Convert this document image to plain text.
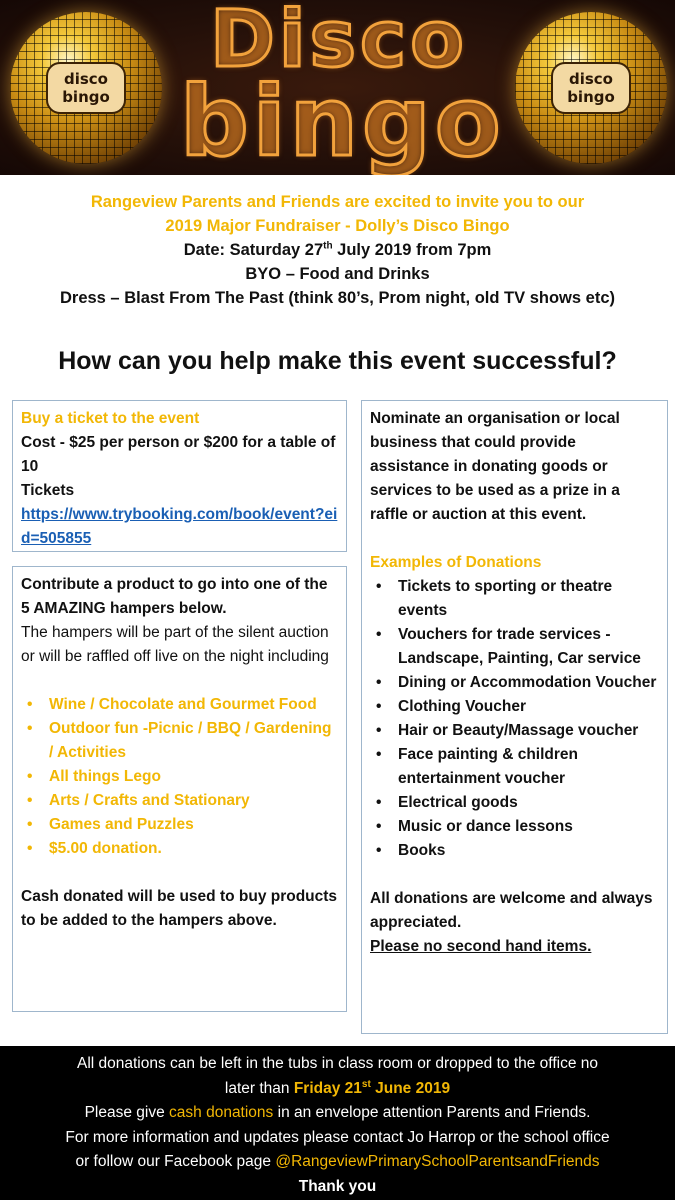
disco
bingo
Disco
bingo	disco
bingo
Rangeview Parents and Friends are excited to invite you to our
2019 Major Fundraiser - Dolly’s Disco Bingo
Date: Saturday 27th July 2019 from 7pm
BYO – Food and Drinks
Dress – Blast From The Past (think 80’s, Prom night, old TV shows etc)
How can you help make this event successful?
Buy a ticket to the event
Cost - $25 per person or $200 for a table of 10
Tickets
https://www.trybooking.com/book/event?eid=505855
Contribute a product to go into one of the 5 AMAZING hampers below.
The hampers will be part of the silent auction or will be raffled off live on the night including
• Wine / Chocolate and Gourmet Food
• Outdoor fun -Picnic / BBQ / Gardening / Activities
• All things Lego
• Arts / Crafts and Stationary
• Games and Puzzles
• $5.00 donation.
Cash donated will be used to buy products to be added to the hampers above.
Nominate an organisation or local business that could provide assistance in donating goods or services to be used as a prize in a raffle or auction at this event.
Examples of Donations
• Tickets to sporting or theatre events
• Vouchers for trade services - Landscape, Painting, Car service
• Dining or Accommodation Voucher
• Clothing Voucher
• Hair or Beauty/Massage voucher
• Face painting & children entertainment voucher
• Electrical goods
• Music or dance lessons
• Books
All donations are welcome and always appreciated.
Please no second hand items.
All donations can be left in the tubs in class room or dropped to the office no
later than Friday 21st June 2019
Please give cash donations in an envelope attention Parents and Friends.
For more information and updates please contact Jo Harrop or the school office
or follow our Facebook page @RangeviewPrimarySchoolParentsandFriends
Thank you
